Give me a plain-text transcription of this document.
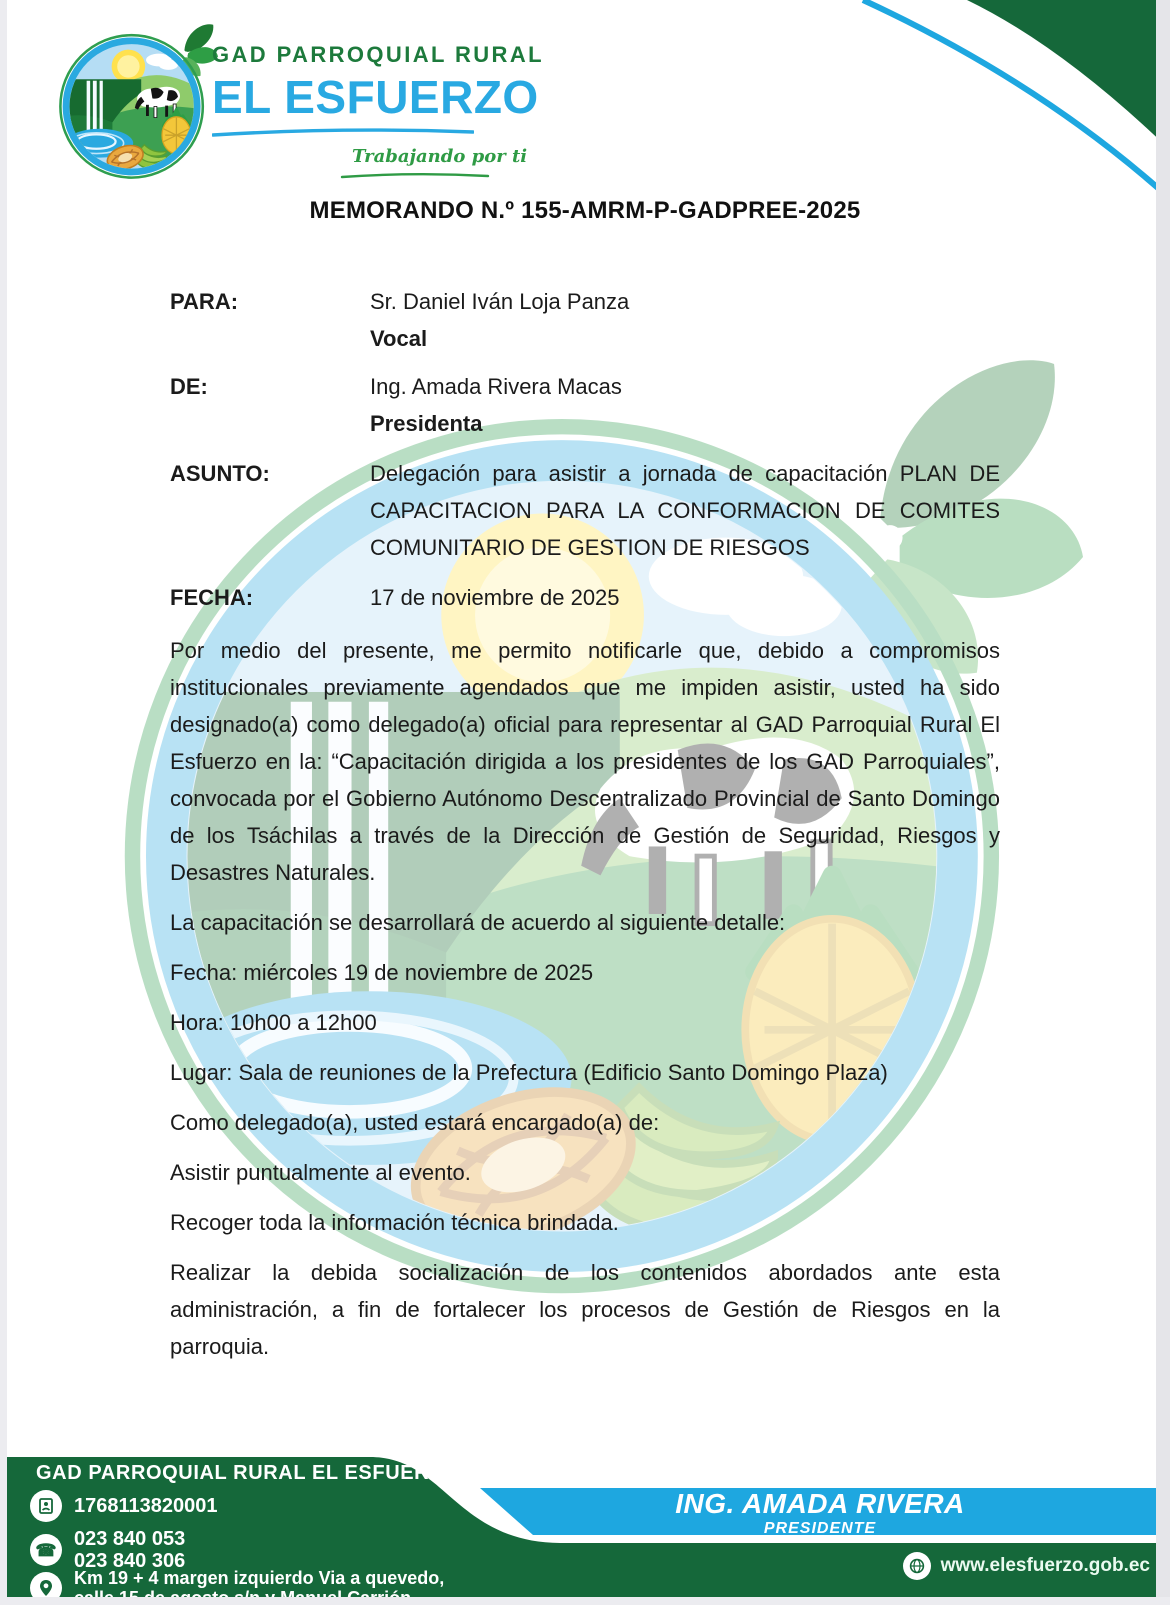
GAD PARROQUIAL RURAL
EL ESFUERZO
Trabajando por ti
MEMORANDO N.º 155-AMRM-P-GADPREE-2025
PARA:	Sr. Daniel Iván Loja Panza
Vocal
DE:	Ing. Amada Rivera Macas
Presidenta
ASUNTO:	Delegación para asistir a jornada de capacitación PLAN DE CAPACITACION PARA LA CONFORMACION DE COMITES COMUNITARIO DE GESTION DE RIESGOS
FECHA:	17 de noviembre de 2025

Por medio del presente, me permito notificarle que, debido a compromisos institucionales previamente agendados que me impiden asistir, usted ha sido designado(a) como delegado(a) oficial para representar al GAD Parroquial Rural El Esfuerzo en la: “Capacitación dirigida a los presidentes de los GAD Parroquiales”, convocada por el Gobierno Autónomo Descentralizado Provincial de Santo Domingo de los Tsáchilas a través de la Dirección de Gestión de Seguridad, Riesgos y Desastres Naturales.

La capacitación se desarrollará de acuerdo al siguiente detalle:

Fecha: miércoles 19 de noviembre de 2025

Hora: 10h00 a 12h00

Lugar: Sala de reuniones de la Prefectura (Edificio Santo Domingo Plaza)

Como delegado(a), usted estará encargado(a) de:

Asistir puntualmente al evento.

Recoger toda la información técnica brindada.

Realizar la debida socialización de los contenidos abordados ante esta administración, a fin de fortalecer los procesos de Gestión de Riesgos en la parroquia.

GAD PARROQUIAL RURAL EL ESFUERZO
1768113820001
☎ 023 840 053
023 840 306
Km 19 + 4 margen izquierdo Via a quevedo,
ING. AMADA RIVERA
PRESIDENTE
www.elesfuerzo.gob.ec
